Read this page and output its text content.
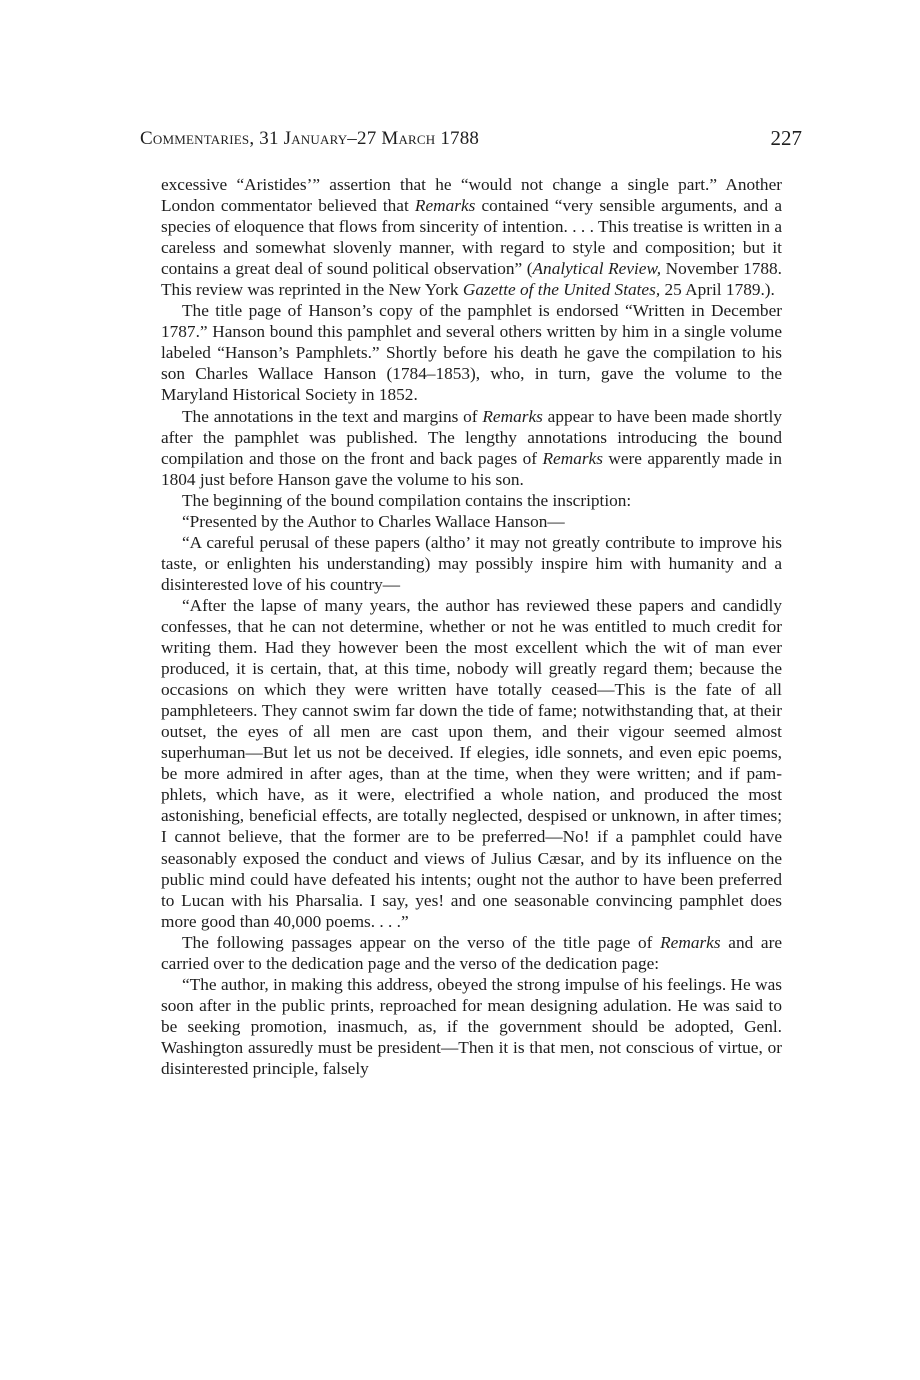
Commentaries, 31 January–27 March 1788	227

excessive “Aristides’” assertion that he “would not change a single part.” Another London commentator believed that Remarks contained “very sensible arguments, and a species of eloquence that flows from sincerity of intention. . . . This treatise is written in a careless and somewhat slovenly manner, with regard to style and composition; but it contains a great deal of sound political observation” (Analytical Review, November 1788. This review was reprinted in the New York Gazette of the United States, 25 April 1789.).

The title page of Hanson’s copy of the pamphlet is endorsed “Written in December 1787.” Hanson bound this pamphlet and several others written by him in a single volume labeled “Hanson’s Pamphlets.” Shortly before his death he gave the compilation to his son Charles Wallace Hanson (1784–1853), who, in turn, gave the volume to the Maryland Historical Society in 1852.

The annotations in the text and margins of Remarks appear to have been made shortly after the pamphlet was published. The lengthy annotations introducing the bound compilation and those on the front and back pages of Remarks were apparently made in 1804 just before Hanson gave the volume to his son.

The beginning of the bound compilation contains the inscription:

“Presented by the Author to Charles Wallace Hanson—

“A careful perusal of these papers (altho’ it may not greatly contribute to improve his taste, or enlighten his understanding) may possibly inspire him with humanity and a disinterested love of his country—

“After the lapse of many years, the author has reviewed these papers and candidly confesses, that he can not determine, whether or not he was entitled to much credit for writing them. Had they however been the most excellent which the wit of man ever produced, it is certain, that, at this time, nobody will greatly regard them; because the occasions on which they were written have totally ceased—This is the fate of all pamphleteers. They cannot swim far down the tide of fame; notwithstanding that, at their outset, the eyes of all men are cast upon them, and their vigour seemed almost superhuman—But let us not be deceived. If elegies, idle sonnets, and even epic poems, be more admired in after ages, than at the time, when they were written; and if pamphlets, which have, as it were, electrified a whole nation, and produced the most astonishing, beneficial effects, are totally neglected, despised or unknown, in after times; I cannot believe, that the former are to be preferred—No! if a pamphlet could have seasonably exposed the conduct and views of Julius Cæsar, and by its influence on the public mind could have defeated his intents; ought not the author to have been preferred to Lucan with his Pharsalia. I say, yes! and one seasonable convincing pamphlet does more good than 40,000 poems. . . .”

The following passages appear on the verso of the title page of Remarks and are carried over to the dedication page and the verso of the dedication page:

“The author, in making this address, obeyed the strong impulse of his feelings. He was soon after in the public prints, reproached for mean designing adulation. He was said to be seeking promotion, inasmuch, as, if the government should be adopted, Genl. Washington assuredly must be president—Then it is that men, not conscious of virtue, or disinterested principle, falsely
